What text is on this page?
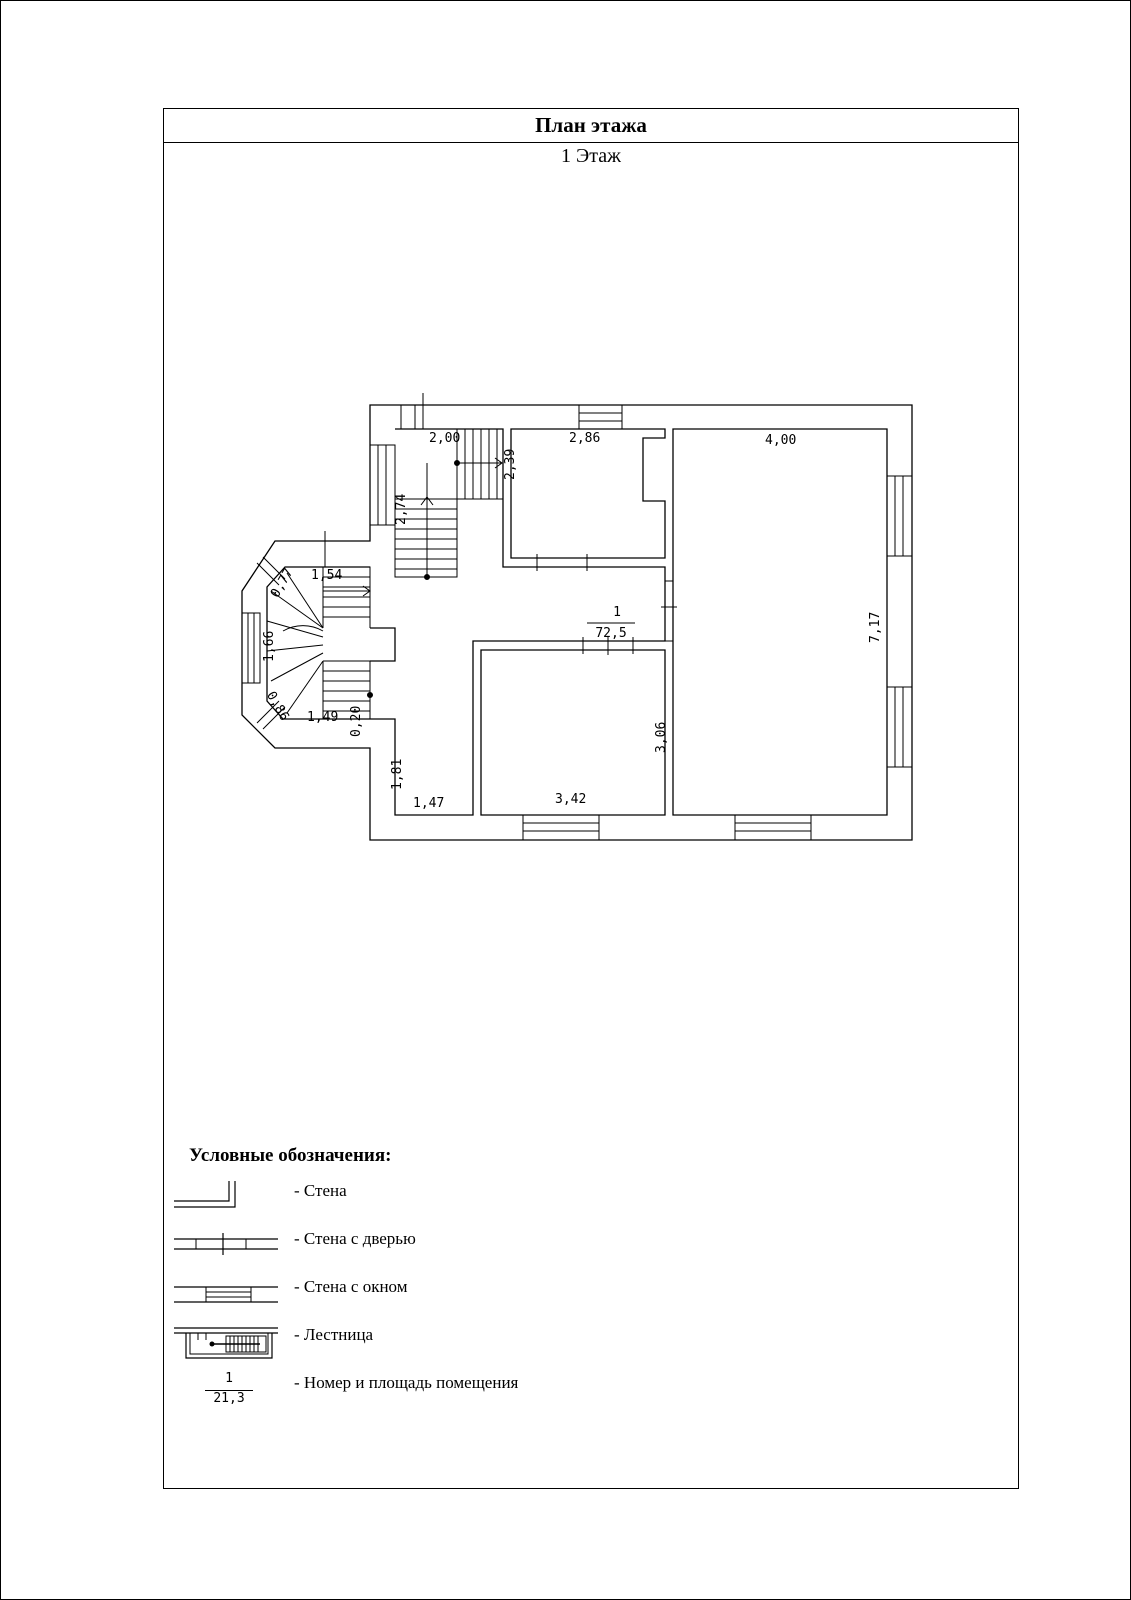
План этажа
1 Этаж
2,00	2,86	4,00
2,39
2,74
1,54
0,77
1,66
0,86 1,49 0,20
1,81
1,47	3,42
3,06
7,17
1
72,5
Условные обозначения:
- Стена
- Стена с дверью
- Стена с окном
- Лестница
1
21,3
- Номер и площадь помещения
